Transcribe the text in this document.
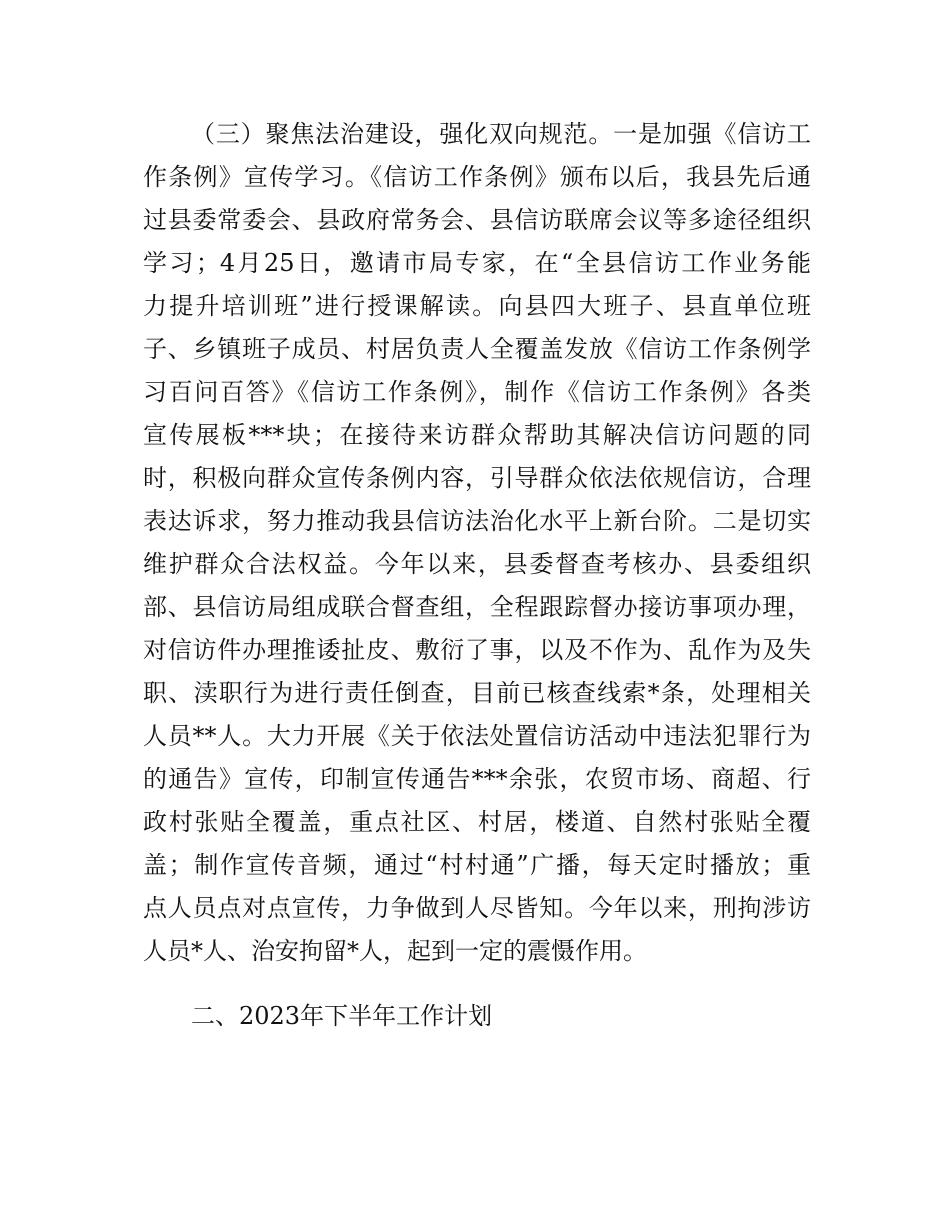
（三）聚焦法治建设，强化双向规范。一是加强《信访工
作条例》宣传学习。《信访工作条例》颁布以后，我县先后通
过县委常委会、县政府常务会、县信访联席会议等多途径组织
学习；4月25日，邀请市局专家，在“全县信访工作业务能
力提升培训班”进行授课解读。向县四大班子、县直单位班
子、乡镇班子成员、村居负责人全覆盖发放《信访工作条例学
习百问百答》《信访工作条例》，制作《信访工作条例》各类
宣传展板***块；在接待来访群众帮助其解决信访问题的同
时，积极向群众宣传条例内容，引导群众依法依规信访，合理
表达诉求，努力推动我县信访法治化水平上新台阶。二是切实
维护群众合法权益。今年以来，县委督查考核办、县委组织
部、县信访局组成联合督查组，全程跟踪督办接访事项办理，
对信访件办理推诿扯皮、敷衍了事，以及不作为、乱作为及失
职、渎职行为进行责任倒查，目前已核查线索*条，处理相关
人员**人。大力开展《关于依法处置信访活动中违法犯罪行为
的通告》宣传，印制宣传通告***余张，农贸市场、商超、行
政村张贴全覆盖，重点社区、村居，楼道、自然村张贴全覆
盖；制作宣传音频，通过“村村通”广播，每天定时播放；重
点人员点对点宣传，力争做到人尽皆知。今年以来，刑拘涉访
人员*人、治安拘留*人，起到一定的震慑作用。
二、2023年下半年工作计划
